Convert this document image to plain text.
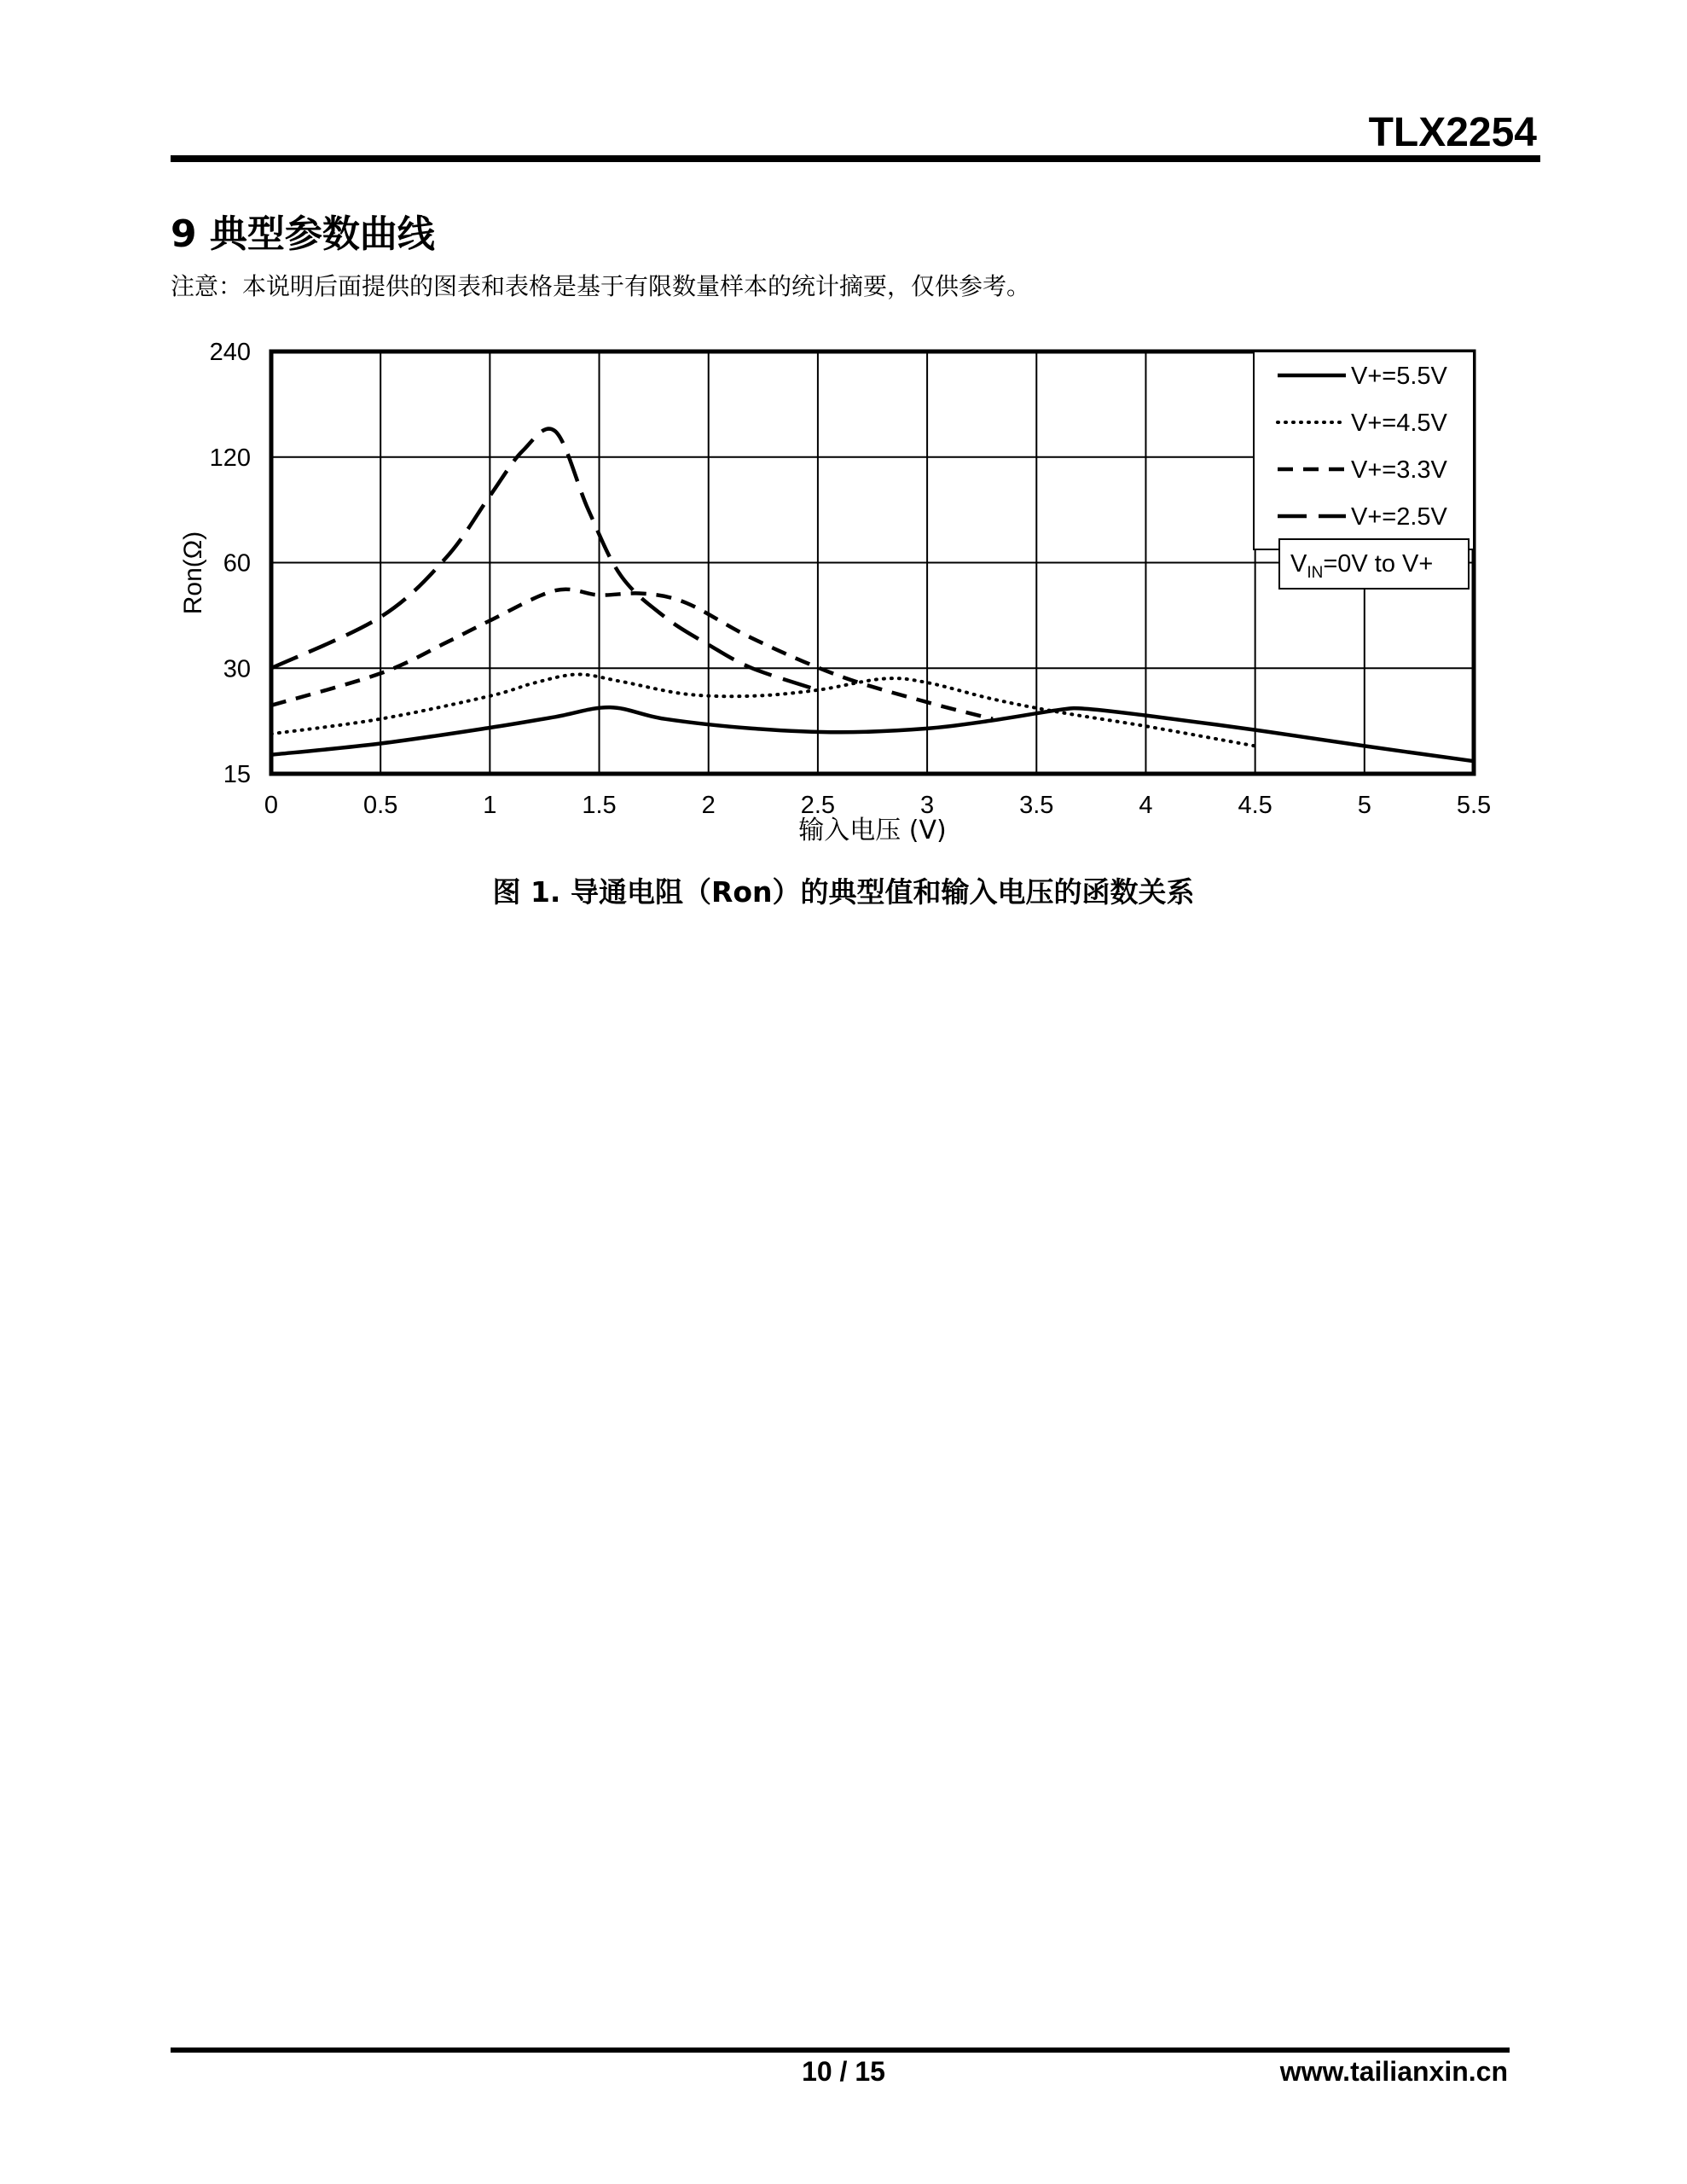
TLX2254
9 典型参数曲线
注意：本说明后面提供的图表和表格是基于有限数量样本的统计摘要，仅供参考。
0	0.5	1	1.5	2	2.5	3	3.5	4	4.5	5	5.5
15
30
60
120
240
输入电压 (V)
Ron(Ω)
V+=5.5V
V+=4.5V
V+=3.3V
V+=2.5V
$V_{IN}=0V$ to V+
图 1. 导通电阻（Ron）的典型值和输入电压的函数关系
10 / 15	www.tailianxin.cn
